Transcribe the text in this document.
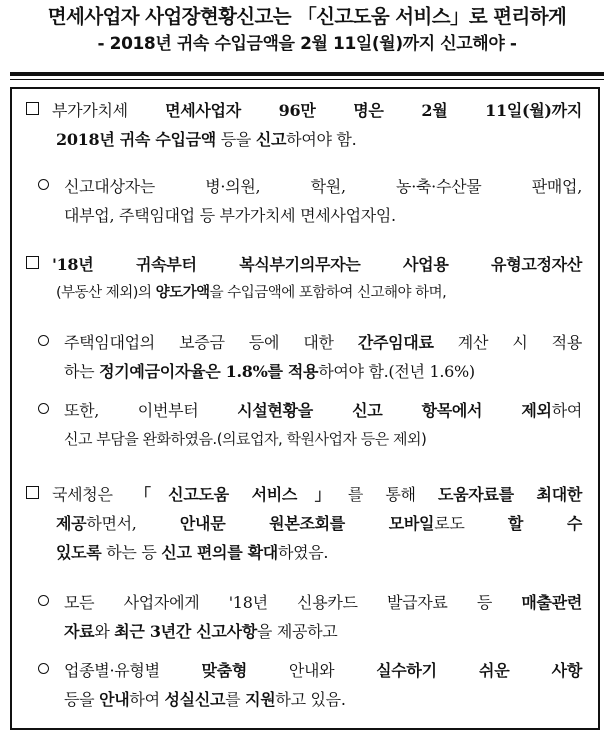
면세사업자 사업장현황신고는 「신고도움 서비스」로 편리하게
- 2018년 귀속 수입금액을 2월 11일(월)까지 신고해야 -
부가가치세 면세사업자 96만 명은 2월 11일(월)까지
2018년 귀속 수입금액 등을 신고하여야 함.
신고대상자는 병·의원, 학원, 농·축·수산물 판매업,
대부업, 주택임대업 등 부가가치세 면세사업자임.
'18년 귀속부터 복식부기의무자는 사업용 유형고정자산
(부동산 제외)의 양도가액을 수입금액에 포함하여 신고해야 하며,
주택임대업의 보증금 등에 대한 간주임대료 계산 시 적용
하는 정기예금이자율은 1.8%를 적용하여야 함.(전년 1.6%)
또한, 이번부터 시설현황을 신고 항목에서 제외하여
신고 부담을 완화하였음.(의료업자, 학원사업자 등은 제외)
국세청은 「신고도움 서비스」를 통해 도움자료를 최대한
제공하면서, 안내문 원본조회를 모바일로도 할 수
있도록 하는 등 신고 편의를 확대하였음.
모든 사업자에게 '18년 신용카드 발급자료 등 매출관련
자료와 최근 3년간 신고사항을 제공하고
업종별·유형별 맞춤형 안내와 실수하기 쉬운 사항
등을 안내하여 성실신고를 지원하고 있음.
